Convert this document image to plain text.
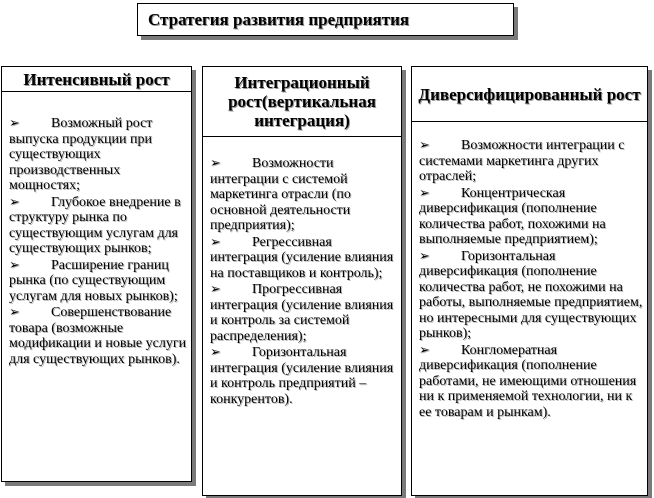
Стратегия развития предприятия
Интенсивный рост

➢ Возможный рост выпуска продукции при существующих производственных мощностях;

➢ Глубокое внедрение в структуру рынка по существующим услугам для существующих рынков;

➢ Расширение границ рынка (по существующим услугам для новых рынков);

➢ Совершенствование товара (возможные модификации и новые услуги для существующих рынков).

Интеграционный рост(вертикальная интеграция)

➢ Возможности интеграции с системой маркетинга отрасли (по основной деятельности предприятия);

➢ Регрессивная интеграция (усиление влияния на поставщиков и контроль);

➢ Прогрессивная интеграция (усиление влияния и контроль за системой распределения);

➢ Горизонтальная интеграция (усиление влияния и контроль предприятий – конкурентов).

Диверсифицированный рост

➢ Возможности интеграции с системами маркетинга других отраслей;

➢ Концентрическая диверсификация (пополнение количества работ, похожими на выполняемые предприятием);

➢ Горизонтальная диверсификация (пополнение количества работ, не похожими на работы, выполняемые предприятием, но интересными для существующих рынков);

➢ Конгломератная диверсификация (пополнение работами, не имеющими отношения ни к применяемой технологии, ни к ее товарам и рынкам).
